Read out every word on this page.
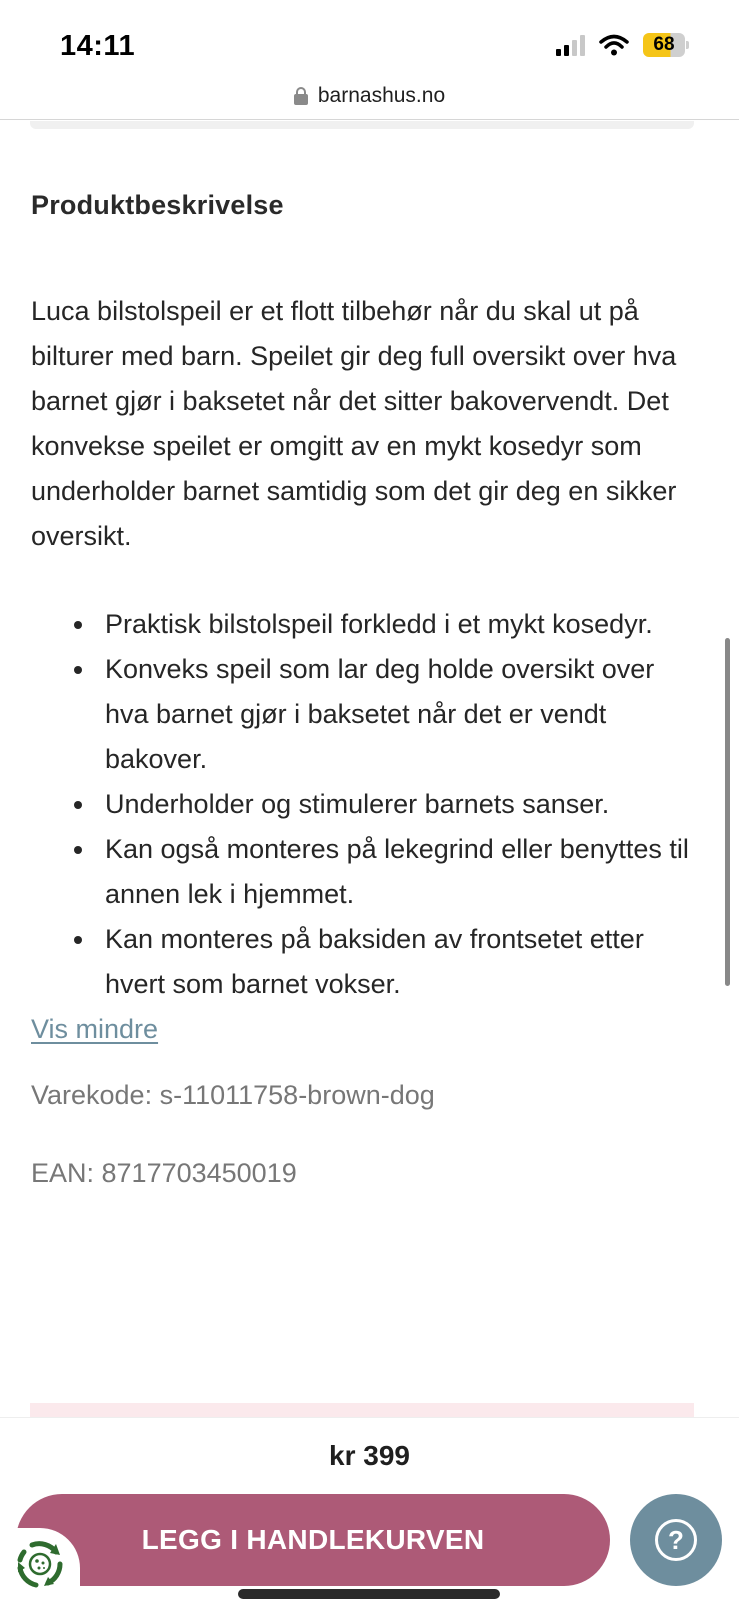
14:11	68
barnashus.no
Produktbeskrivelse

Luca bilstolspeil er et flott tilbehør når du skal ut på bilturer med barn. Speilet gir deg full oversikt over hva barnet gjør i baksetet når det sitter bakovervendt. Det konvekse speilet er omgitt av en mykt kosedyr som underholder barnet samtidig som det gir deg en sikker oversikt.

Praktisk bilstolspeil forkledd i et mykt kosedyr.
Konveks speil som lar deg holde oversikt over hva barnet gjør i baksetet når det er vendt bakover.
Underholder og stimulerer barnets sanser.
Kan også monteres på lekegrind eller benyttes til annen lek i hjemmet.
Kan monteres på baksiden av frontsetet etter hvert som barnet vokser.
Vis mindre
Varekode: s-11011758-brown-dog
EAN: 8717703450019
kr 399
LEGG I HANDLEKURVEN	?
